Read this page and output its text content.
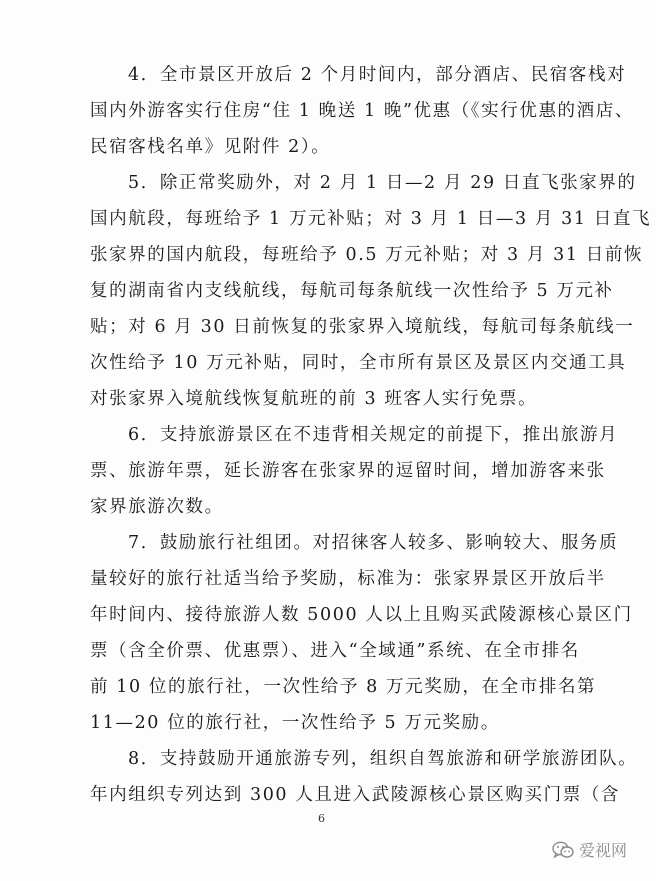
4．全市景区开放后 2 个月时间内，部分酒店、民宿客栈对
国内外游客实行住房“住 1 晚送 1 晚”优惠（《实行优惠的酒店、
民宿客栈名单》见附件 2）。
5．除正常奖励外，对 2 月 1 日—2 月 29 日直飞张家界的
国内航段，每班给予 1 万元补贴；对 3 月 1 日—3 月 31 日直飞
张家界的国内航段，每班给予 0.5 万元补贴；对 3 月 31 日前恢
复的湖南省内支线航线，每航司每条航线一次性给予 5 万元补
贴；对 6 月 30 日前恢复的张家界入境航线，每航司每条航线一
次性给予 10 万元补贴，同时，全市所有景区及景区内交通工具
对张家界入境航线恢复航班的前 3 班客人实行免票。
6．支持旅游景区在不违背相关规定的前提下，推出旅游月
票、旅游年票，延长游客在张家界的逗留时间，增加游客来张
家界旅游次数。
7．鼓励旅行社组团。对招徕客人较多、影响较大、服务质
量较好的旅行社适当给予奖励，标准为：张家界景区开放后半
年时间内、接待旅游人数 5000 人以上且购买武陵源核心景区门
票（含全价票、优惠票）、进入“全域通”系统、在全市排名
前 10 位的旅行社，一次性给予 8 万元奖励，在全市排名第
11—20 位的旅行社，一次性给予 5 万元奖励。
8．支持鼓励开通旅游专列，组织自驾旅游和研学旅游团队。
年内组织专列达到 300 人且进入武陵源核心景区购买门票（含
6
爱视网
